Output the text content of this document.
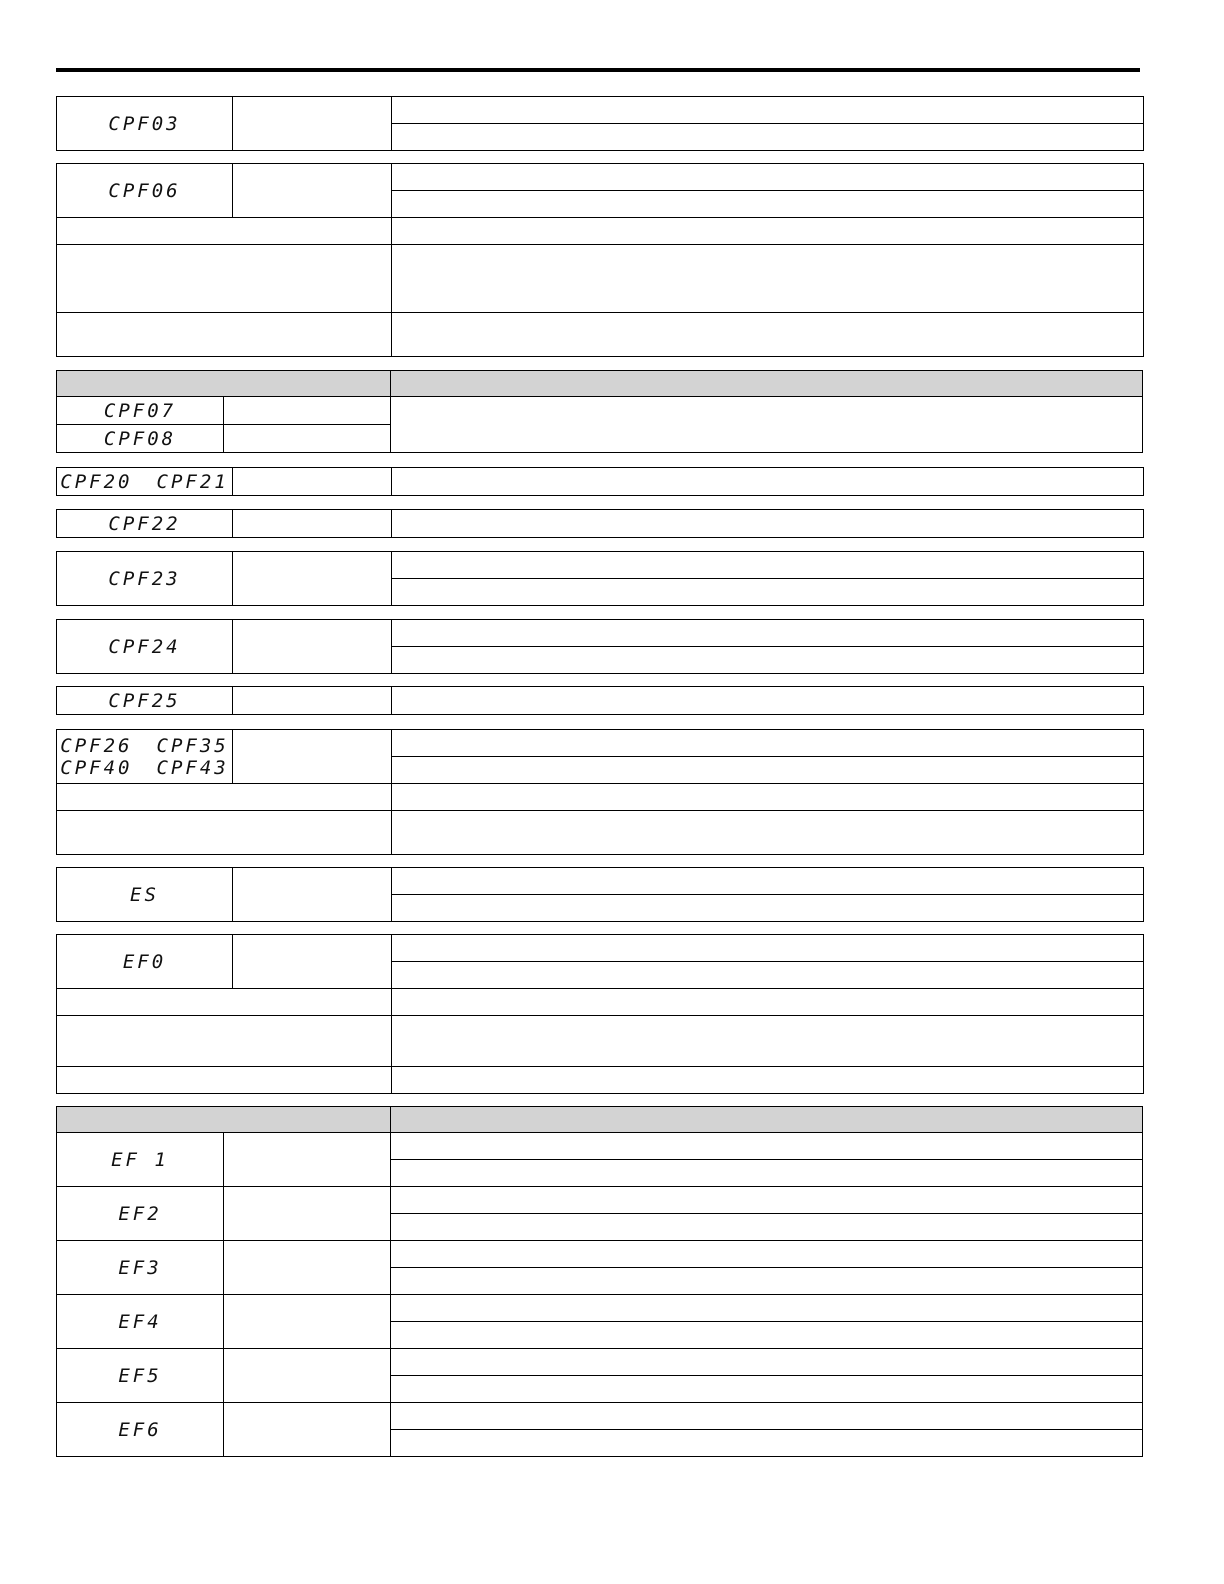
CPF03		

CPF06		

CPF07		
CPF08		
CPF20 CPF21		
CPF22		
CPF23		

CPF24		

CPF25		
CPF26 CPF35
CPF40 CPF43		

ES		

EF0		

EF 1		

EF2		

EF3		

EF4		

EF5		

EF6		
